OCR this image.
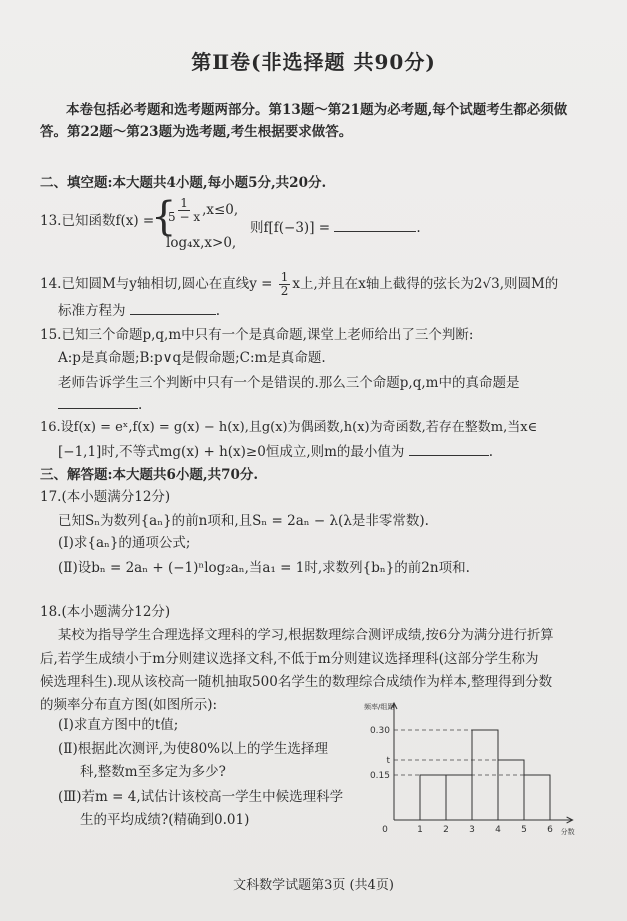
第Ⅱ卷(非选择题 共90分)
本卷包括必考题和选考题两部分。第13题～第21题为必考题,每个试题考生都必须做
答。第22题～第23题为选考题,考生根据要求做答。
二、填空题:本大题共4小题,每小题5分,共20分.
13.已知函数f(x) =
{
$\frac{1}{5 - x} ,x\le 0$,
log₄x,x>0,
则f[f(−3)] =	.
14.已知圆M与y轴相切,圆心在直线$y = \frac{1}{2}$ x上,并且在x轴上截得的弦长为2√3,则圆M的
标准方程为	.
15.已知三个命题p,q,m中只有一个是真命题,课堂上老师给出了三个判断:
A:p是真命题;B:p∨q是假命题;C:m是真命题.
老师告诉学生三个判断中只有一个是错误的.那么三个命题p,q,m中的真命题是
.
16.设f(x) = eˣ,f(x) = g(x) − h(x),且g(x)为偶函数,h(x)为奇函数,若存在整数m,当x∈
[−1,1]时,不等式mg(x) + h(x)≥0恒成立,则m的最小值为	.
三、解答题:本大题共6小题,共70分.
17.(本小题满分12分)
已知Sₙ为数列{aₙ}的前n项和,且Sₙ = 2aₙ − λ(λ是非零常数).
(Ⅰ)求{aₙ}的通项公式;
(Ⅱ)设bₙ = 2aₙ + (−1)ⁿlog₂aₙ,当a₁ = 1时,求数列{bₙ}的前2n项和.
18.(本小题满分12分)
某校为指导学生合理选择文理科的学习,根据数理综合测评成绩,按6分为满分进行折算
后,若学生成绩小于m分则建议选择文科,不低于m分则建议选择理科(这部分学生称为
候选理科生).现从该校高一随机抽取500名学生的数理综合成绩作为样本,整理得到分数
的频率分布直方图(如图所示):
(Ⅰ)求直方图中的t值;
(Ⅱ)根据此次测评,为使80%以上的学生选择理
科,整数m至多定为多少?
(Ⅲ)若m = 4,试估计该校高一学生中候选理科学
生的平均成绩?(精确到0.01)
0.15
t
0.30
1 2 3 4 5 6
0
频率/组距
分数
文科数学试题第3页 (共4页)
